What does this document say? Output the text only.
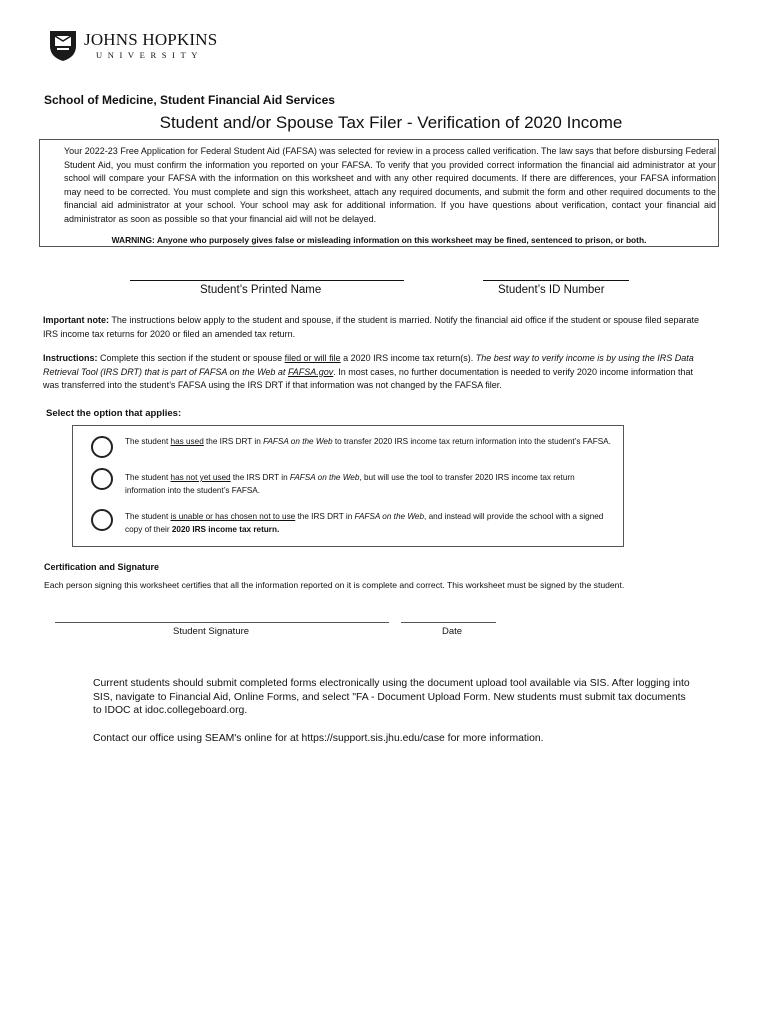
JOHNS HOPKINS
UNIVERSITY
School of Medicine, Student Financial Aid Services
Student and/or Spouse Tax Filer - Verification of 2020 Income
Your 2022-23 Free Application for Federal Student Aid (FAFSA) was selected for review in a process called verification. The law says that before disbursing Federal Student Aid, you must confirm the information you reported on your FAFSA. To verify that you provided correct information the financial aid administrator at your school will compare your FAFSA with the information on this worksheet and with any other required documents. If there are differences, your FAFSA information may need to be corrected. You must complete and sign this worksheet, attach any required documents, and submit the form and other required documents to the financial aid administrator at your school. Your school may ask for additional information. If you have questions about verification, contact your financial aid administrator as soon as possible so that your financial aid will not be delayed.
WARNING: Anyone who purposely gives false or misleading information on this worksheet may be fined, sentenced to prison, or both.
Student’s Printed Name	Student’s ID Number
Important note: The instructions below apply to the student and spouse, if the student is married. Notify the financial aid office if the student or spouse filed separate IRS income tax returns for 2020 or filed an amended tax return.
Instructions: Complete this section if the student or spouse filed or will file a 2020 IRS income tax return(s). The best way to verify income is by using the IRS Data Retrieval Tool (IRS DRT) that is part of FAFSA on the Web at FAFSA.gov. In most cases, no further documentation is needed to verify 2020 income information that was transferred into the student’s FAFSA using the IRS DRT if that information was not changed by the FAFSA filer.
Select the option that applies:
The student has used the IRS DRT in FAFSA on the Web to transfer 2020 IRS income tax return information into the student’s FAFSA.
The student has not yet used the IRS DRT in FAFSA on the Web, but will use the tool to transfer 2020 IRS income tax return information into the student’s FAFSA.
The student is unable or has chosen not to use the IRS DRT in FAFSA on the Web, and instead will provide the school with a signed copy of their 2020 IRS income tax return.
Certification and Signature
Each person signing this worksheet certifies that all the information reported on it is complete and correct. This worksheet must be signed by the student.
Student Signature	Date
Current students should submit completed forms electronically using the document upload tool available via SIS. After logging into SIS, navigate to Financial Aid, Online Forms, and select "FA - Document Upload Form. New students must submit tax documents to IDOC at idoc.collegeboard.org.
Contact our office using SEAM's online for at https://support.sis.jhu.edu/case for more information.
